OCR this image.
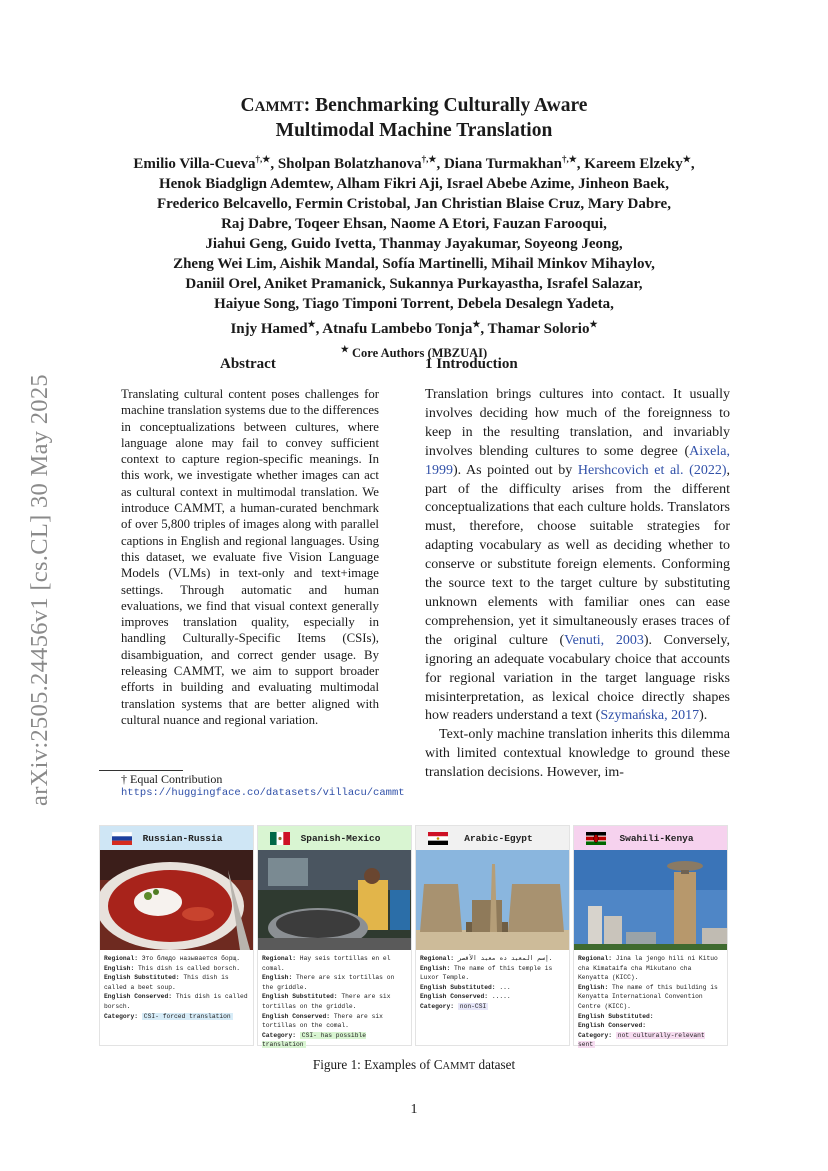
arXiv:2505.24456v1 [cs.CL] 30 May 2025
CAMMT: Benchmarking Culturally Aware
Multimodal Machine Translation
Emilio Villa-Cueva†,★, Sholpan Bolatzhanova†,★, Diana Turmakhan†,★, Kareem Elzeky★,
Henok Biadglign Ademtew, Alham Fikri Aji, Israel Abebe Azime, Jinheon Baek,
Frederico Belcavello, Fermin Cristobal, Jan Christian Blaise Cruz, Mary Dabre,
Raj Dabre, Toqeer Ehsan, Naome A Etori, Fauzan Farooqui,
Jiahui Geng, Guido Ivetta, Thanmay Jayakumar, Soyeong Jeong,
Zheng Wei Lim, Aishik Mandal, Sofía Martinelli, Mihail Minkov Mihaylov,
Daniil Orel, Aniket Pramanick, Sukannya Purkayastha, Israfel Salazar,
Haiyue Song, Tiago Timponi Torrent, Debela Desalegn Yadeta,
Injy Hamed★, Atnafu Lambebo Tonja★, Thamar Solorio★
★ Core Authors (MBZUAI)
Abstract
Translating cultural content poses challenges for machine translation systems due to the differences in conceptualizations between cultures, where language alone may fail to convey sufficient context to capture region-specific meanings. In this work, we investigate whether images can act as cultural context in multimodal translation. We introduce CAMMT, a human-curated benchmark of over 5,800 triples of images along with parallel captions in English and regional languages. Using this dataset, we evaluate five Vision Language Models (VLMs) in text-only and text+image settings. Through automatic and human evaluations, we find that visual context generally improves translation quality, especially in handling Culturally-Specific Items (CSIs), disambiguation, and correct gender usage. By releasing CAMMT, we aim to support broader efforts in building and evaluating multimodal translation systems that are better aligned with cultural nuance and regional variation.
† Equal Contribution
https://huggingface.co/datasets/villacu/cammt
1 Introduction

Translation brings cultures into contact. It usually involves deciding how much of the foreignness to keep in the resulting translation, and invariably involves blending cultures to some degree (Aixela, 1999). As pointed out by Hershcovich et al. (2022), part of the difficulty arises from the different conceptualizations that each culture holds. Translators must, therefore, choose suitable strategies for adapting vocabulary as well as deciding whether to conserve or substitute foreign elements. Conforming the source text to the target culture by substituting unknown elements with familiar ones can ease comprehension, yet it simultaneously erases traces of the original culture (Venuti, 2003). Conversely, ignoring an adequate vocabulary choice that accounts for regional variation in the target language risks misinterpretation, as lexical choice directly shapes how readers understand a text (Szymańska, 2017).

Text-only machine translation inherits this dilemma with limited contextual knowledge to ground these translation decisions. However, im-

Russian-Russia
Regional: Это блюдо называется борщ.
English: This dish is called borsch.
English Substituted: This dish is called a beet soup.
English Conserved: This dish is called borsch.
Category: CSI- forced translation
Spanish-Mexico
Regional: Hay seis tortillas en el comal.
English: There are six tortillas on the griddle.
English Substituted: There are six tortillas on the griddle.
English Conserved: There are six tortillas on the comal.
Category: CSI- has possible translation
Arabic-Egypt
Regional: إسم المعبد ده معبد الأقصر.
English: The name of this temple is Luxor Temple.
English Substituted: ...
English Conserved: .....
Category: non-CSI
Swahili-Kenya
Regional: Jina la jengo hili ni Kituo cha Kimataifa cha Mikutano cha Kenyatta (KICC).
English: The name of this building is Kenyatta International Convention Centre (KICC).
English Substituted:
English Conserved:
Category: not culturally-relevant sent
Figure 1: Examples of CAMMT dataset
1
